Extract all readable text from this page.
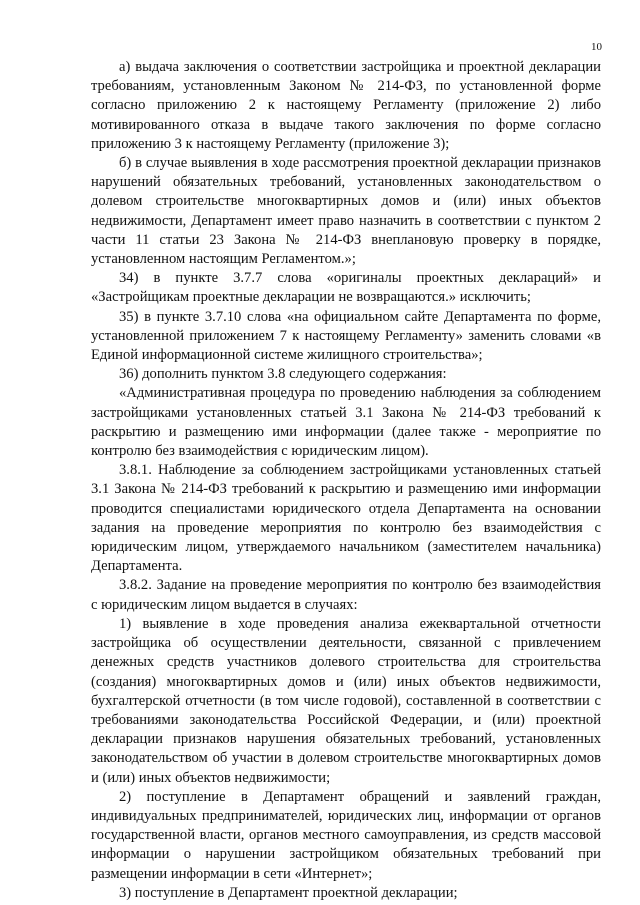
10

а) выдача заключения о соответствии застройщика и проектной декларации требованиям, установленным Законом № 214-ФЗ, по установленной форме согласно приложению 2 к настоящему Регламенту (приложение 2) либо мотивированного отказа в выдаче такого заключения по форме согласно приложению 3 к настоящему Регламенту (приложение 3);

б) в случае выявления в ходе рассмотрения проектной декларации признаков нарушений обязательных требований, установленных законодательством о долевом строительстве многоквартирных домов и (или) иных объектов недвижимости, Департамент имеет право назначить в соответствии с пунктом 2 части 11 статьи 23 Закона № 214-ФЗ внеплановую проверку в порядке, установленном настоящим Регламентом.»;

34) в пункте 3.7.7 слова «оригиналы проектных деклараций» и «Застройщикам проектные декларации не возвращаются.» исключить;

35) в пункте 3.7.10 слова «на официальном сайте Департамента по форме, установленной приложением 7 к настоящему Регламенту» заменить словами «в Единой информационной системе жилищного строительства»;

36) дополнить пунктом 3.8 следующего содержания:

«Административная процедура по проведению наблюдения за соблюдением застройщиками установленных статьей 3.1 Закона № 214-ФЗ требований к раскрытию и размещению ими информации (далее также - мероприятие по контролю без взаимодействия с юридическим лицом).

3.8.1. Наблюдение за соблюдением застройщиками установленных статьей 3.1 Закона № 214-ФЗ требований к раскрытию и размещению ими информации проводится специалистами юридического отдела Департамента на основании задания на проведение мероприятия по контролю без взаимодействия с юридическим лицом, утверждаемого начальником (заместителем начальника) Департамента.

3.8.2. Задание на проведение мероприятия по контролю без взаимодействия с юридическим лицом выдается в случаях:

1) выявление в ходе проведения анализа ежеквартальной отчетности застройщика об осуществлении деятельности, связанной с привлечением денежных средств участников долевого строительства для строительства (создания) многоквартирных домов и (или) иных объектов недвижимости, бухгалтерской отчетности (в том числе годовой), составленной в соответствии с требованиями законодательства Российской Федерации, и (или) проектной декларации признаков нарушения обязательных требований, установленных законодательством об участии в долевом строительстве многоквартирных домов и (или) иных объектов недвижимости;

2) поступление в Департамент обращений и заявлений граждан, индивидуальных предпринимателей, юридических лиц, информации от органов государственной власти, органов местного самоуправления, из средств массовой информации о нарушении застройщиком обязательных требований при размещении информации в сети «Интернет»;

3) поступление в Департамент проектной декларации;
